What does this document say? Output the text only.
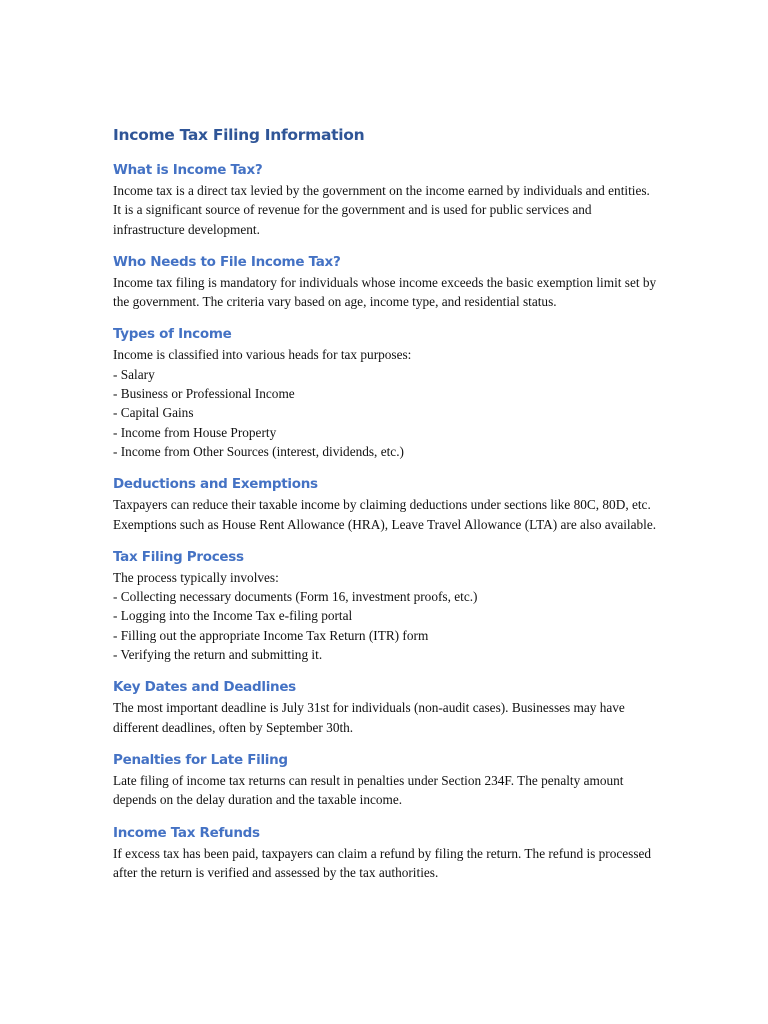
Income Tax Filing Information
What is Income Tax?

Income tax is a direct tax levied by the government on the income earned by individuals and entities. It is a significant source of revenue for the government and is used for public services and infrastructure development.

Who Needs to File Income Tax?

Income tax filing is mandatory for individuals whose income exceeds the basic exemption limit set by the government. The criteria vary based on age, income type, and residential status.

Types of Income

Income is classified into various heads for tax purposes:

- Salary
- Business or Professional Income
- Capital Gains
- Income from House Property
- Income from Other Sources (interest, dividends, etc.)
Deductions and Exemptions

Taxpayers can reduce their taxable income by claiming deductions under sections like 80C, 80D, etc. Exemptions such as House Rent Allowance (HRA), Leave Travel Allowance (LTA) are also available.

Tax Filing Process

The process typically involves:

- Collecting necessary documents (Form 16, investment proofs, etc.)
- Logging into the Income Tax e-filing portal
- Filling out the appropriate Income Tax Return (ITR) form
- Verifying the return and submitting it.
Key Dates and Deadlines

The most important deadline is July 31st for individuals (non-audit cases). Businesses may have different deadlines, often by September 30th.

Penalties for Late Filing

Late filing of income tax returns can result in penalties under Section 234F. The penalty amount depends on the delay duration and the taxable income.

Income Tax Refunds

If excess tax has been paid, taxpayers can claim a refund by filing the return. The refund is processed after the return is verified and assessed by the tax authorities.
